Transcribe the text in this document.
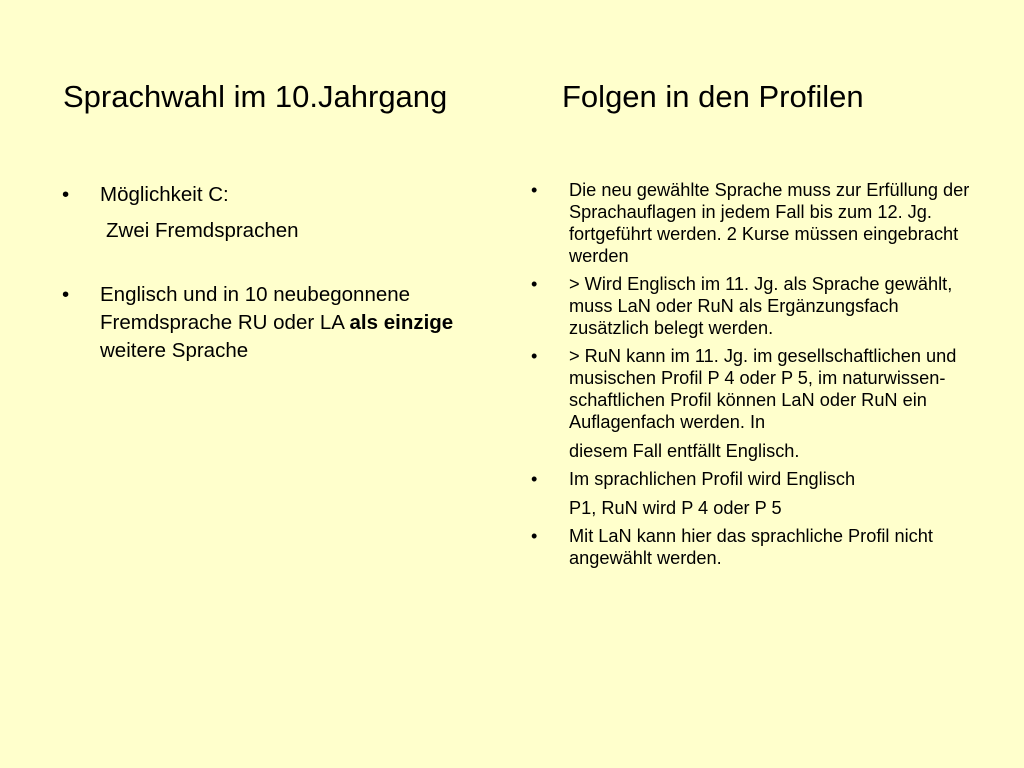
Sprachwahl im 10.Jahrgang	Folgen in den Profilen
• Möglichkeit C:
Zwei Fremdsprachen
• Englisch und in 10 neubegonnene Fremdsprache RU oder LA als einzige weitere Sprache
• Die neu gewählte Sprache muss zur Erfüllung der Sprachauflagen in jedem Fall bis zum 12. Jg. fortgeführt werden. 2 Kurse müssen eingebracht werden
• > Wird Englisch im 11. Jg. als Sprache gewählt, muss LaN oder RuN als Ergänzungsfach zusätzlich belegt werden.
• > RuN kann im 11. Jg. im gesellschaftlichen und musischen Profil P 4 oder P 5, im naturwissen-schaftlichen Profil können LaN oder RuN ein Auflagenfach werden. In
diesem Fall entfällt Englisch.
• Im sprachlichen Profil wird Englisch
P1, RuN wird P 4 oder P 5
• Mit LaN kann hier das sprachliche Profil nicht angewählt werden.
